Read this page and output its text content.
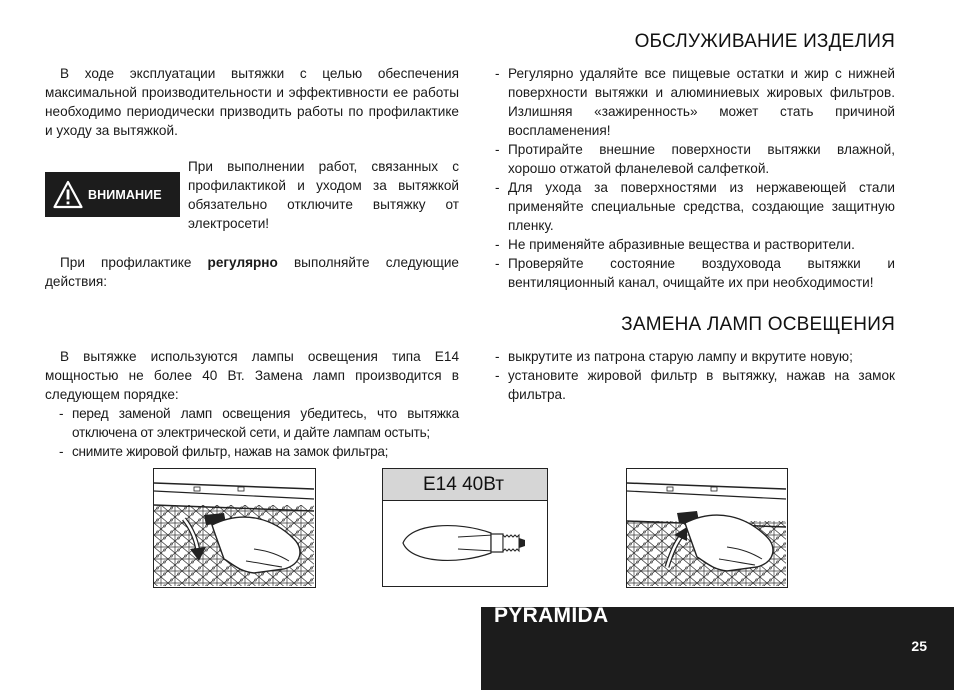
ОБСЛУЖИВАНИЕ ИЗДЕЛИЯ

В ходе эксплуатации вытяжки с целью обеспечения максимальной производительности и эффективности ее работы необходимо периодически призводить работы по профилактике и уходу за вытяжкой.

ВНИМАНИЕ

При выполнении работ, связанных с профилактикой и уходом за вытяжкой обязательно отключите вытяжку от электросети!

При профилактике регулярно выполняйте следующие действия:

- Регулярно удаляйте все пищевые остатки и жир с нижней поверхности вытяжки и алюминиевых жировых фильтров. Излишняя «зажиренность» может стать причиной воспламенения!
- Протирайте внешние поверхности вытяжки влажной, хорошо отжатой фланелевой салфеткой.
- Для ухода за поверхностями из нержавеющей стали применяйте специальные средства, создающие защитную пленку.
- Не применяйте абразивные вещества и растворители.
- Проверяйте состояние воздуховода вытяжки и вентиляционный канал, очищайте их при необходимости!
ЗАМЕНА ЛАМП ОСВЕЩЕНИЯ

В вытяжке используются лампы освещения типа E14 мощностью не более 40 Вт. Замена ламп производится в следующем порядке:

- перед заменой ламп освещения убедитесь, что вытяжка отключена от электрической сети, и дайте лампам остыть;
- снимите жировой фильтр, нажав на замок фильтра;
- выкрутите из патрона старую лампу и вкрутите новую;
- установите жировой фильтр в вытяжку, нажав на замок фильтра.
E14 40Вт
PYRAMIDA
25
